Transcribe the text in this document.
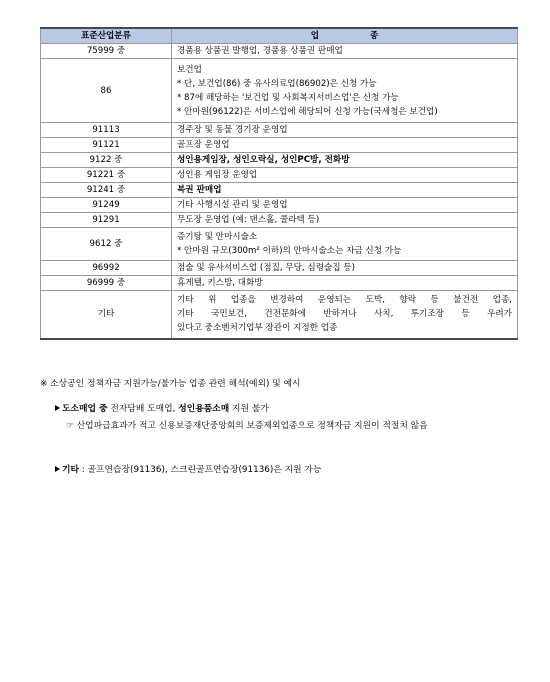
표준산업분류	업 종
75999 중	경품용 상품권 발행업, 경품용 상품권 판매업

86	보건업
* 단, 보건업(86) 중 유사의료업(86902)은 신청 가능
* 87에 해당하는 '보건업 및 사회복지서비스업'은 신청 가능
* 안마원(96122)은 서비스업에 해당되어 신청 가능(국세청은 보건업)

91113	경주장 및 동물 경기장 운영업

91121	골프장 운영업

9122 중	성인용게임장, 성인오락실, 성인PC방, 전화방

91221 중	성인용 게임장 운영업

91241 중	복권 판매업

91249	기타 사행시설 관리 및 운영업

91291	무도장 운영업 (예: 댄스홀, 콜라텍 등)

9612 중	증기탕 및 안마시술소
* 안마원 규모(300m² 이하)의 안마시술소는 자금 신청 가능

96992	점술 및 유사서비스업 (점집, 무당, 심령술집 등)

96999 중	휴게텔, 키스방, 대화방

기타	기타 위 업종을 변경하여 운영되는 도박, 향락 등 불건전 업종,
기타 국민보건, 건전문화에 반하거나 사치, 투기조장 등 우려가
있다고 중소벤처기업부 장관이 지정한 업종
※ 소상공인 정책자금 지원가능/불가능 업종 관련 해석(예외) 및 예시
도소매업 중 전자담배 도매업, 성인용품소매 지원 불가
☞ 산업파급효과가 적고 신용보증재단중앙회의 보증제외업종으로 정책자금 지원이 적절치 않음
기타 : 골프연습장(91136), 스크린골프연습장(91136)은 지원 가능
